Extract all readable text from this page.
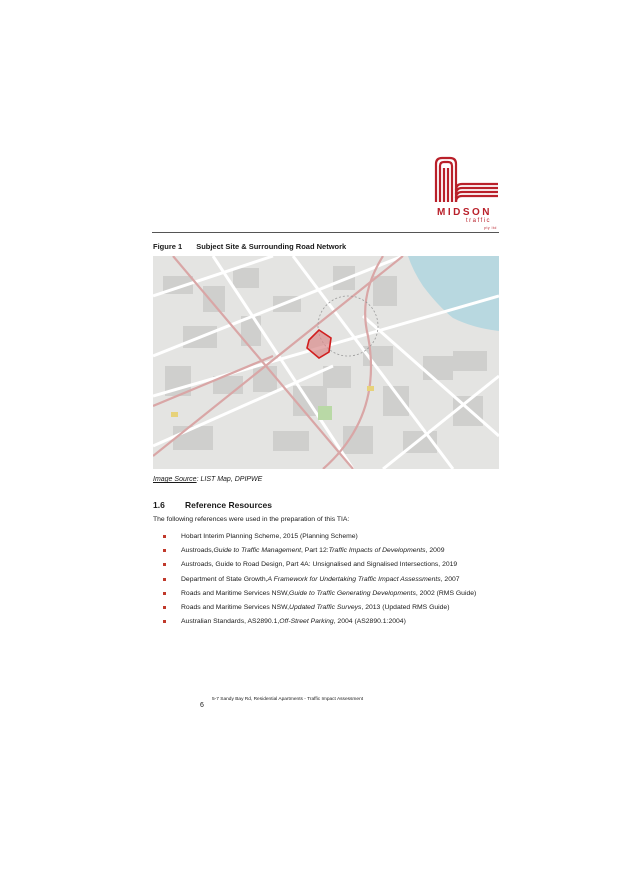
MIDSON
traffic
pty ltd
Figure 1 Subject Site & Surrounding Road Network
Image Source: LIST Map, DPIPWE
1.6 Reference Resources
The following references were used in the preparation of this TIA:
Hobart Interim Planning Scheme, 2015 (Planning Scheme)
Austroads, Guide to Traffic Management , Part 12: Traffic Impacts of Developments , 2009
Austroads, Guide to Road Design, Part 4A: Unsignalised and Signalised Intersections, 2019
Department of State Growth, A Framework for Undertaking Traffic Impact Assessments , 2007
Roads and Maritime Services NSW, Guide to Traffic Generating Developments , 2002 (RMS Guide)
Roads and Maritime Services NSW, Updated Traffic Surveys , 2013 (Updated RMS Guide)
Australian Standards, AS2890.1, Off-Street Parking , 2004 (AS2890.1:2004)
6
5-7 Sandy Bay Rd, Residential Apartments - Traffic Impact Assessment
